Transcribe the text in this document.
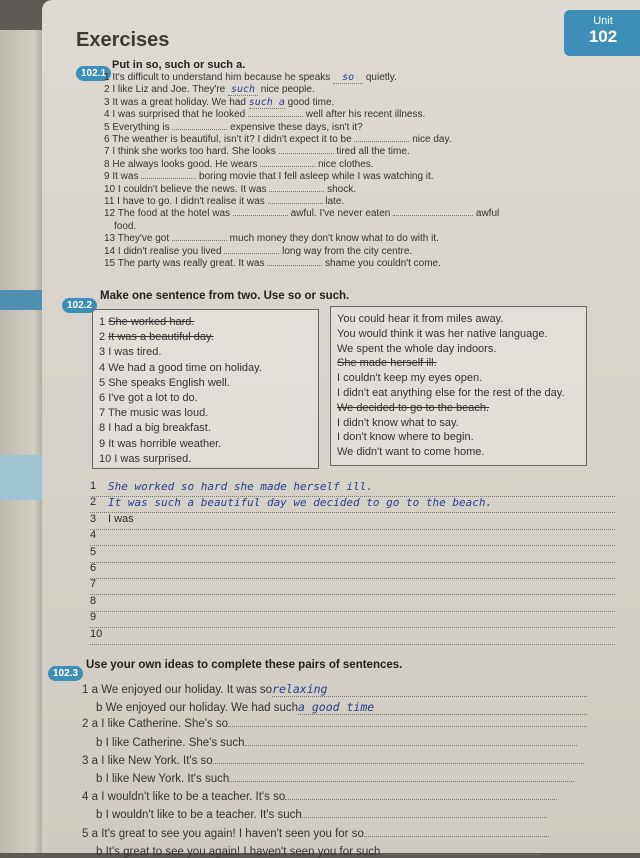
Unit
102
Exercises
102.1
Put in so, such or such a.
1 It's difficult to understand him because he speaks so quietly.
2 I like Liz and Joe. They're such nice people.
3 It was a great holiday. We had such a good time.
4 I was surprised that he looked	well after his recent illness.
5 Everything is	expensive these days, isn't it?
6 The weather is beautiful, isn't it? I didn't expect it to be	nice day.
7 I think she works too hard. She looks	tired all the time.
8 He always looks good. He wears	nice clothes.
9 It was	boring movie that I fell asleep while I was watching it.
10 I couldn't believe the news. It was	shock.
11 I have to go. I didn't realise it was	late.
12 The food at the hotel was	awful. I've never eaten	awful
food.
13 They've got	much money they don't know what to do with it.
14 I didn't realise you lived	long way from the city centre.
15 The party was really great. It was	shame you couldn't come.
102.2
Make one sentence from two. Use so or such.
1 She worked hard.
2 It was a beautiful day.
3 I was tired.
4 We had a good time on holiday.
5 She speaks English well.
6 I've got a lot to do.
7 The music was loud.
8 I had a big breakfast.
9 It was horrible weather.
10 I was surprised.
You could hear it from miles away.
You would think it was her native language.
We spent the whole day indoors.
She made herself ill.
I couldn't keep my eyes open.
I didn't eat anything else for the rest of the day.
We decided to go to the beach.
I didn't know what to say.
I don't know where to begin.
We didn't want to come home.
1 She worked so hard she made herself ill.
2 It was such a beautiful day we decided to go to the beach.
3 I was
4
5
6
7
8
9
10
102.3
Use your own ideas to complete these pairs of sentences.
1 a We enjoyed our holiday. It was sorelaxing
b We enjoyed our holiday. We had sucha good time
2 a I like Catherine. She's so
b I like Catherine. She's such
3 a I like New York. It's so
b I like New York. It's such
4 a I wouldn't like to be a teacher. It's so
b I wouldn't like to be a teacher. It's such
5 a It's great to see you again! I haven't seen you for so
b It's great to see you again! I haven't seen you for such
